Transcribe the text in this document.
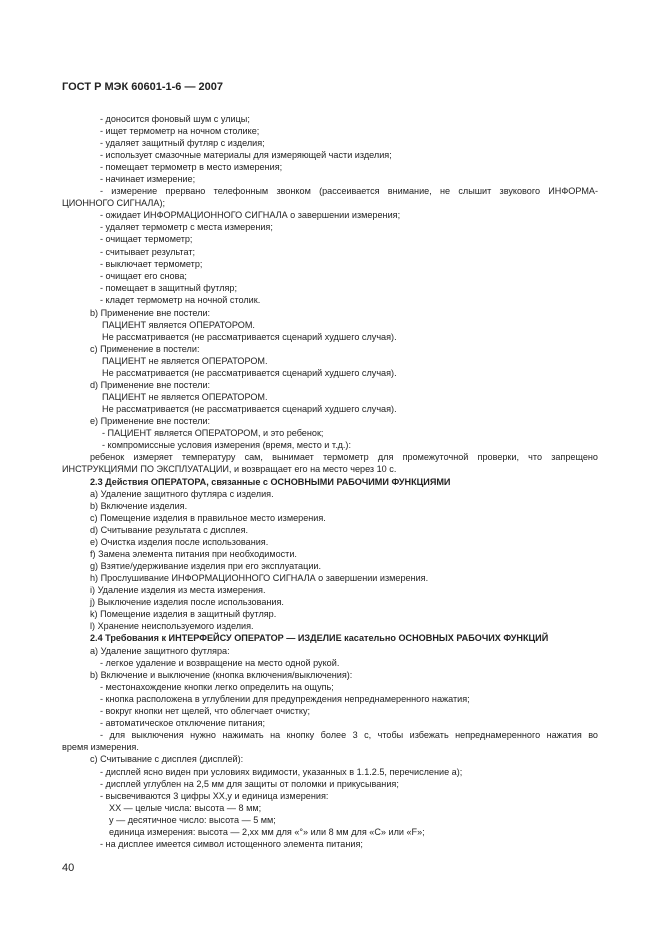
ГОСТ Р МЭК 60601-1-6 — 2007
- доносится фоновый шум с улицы;
- ищет термометр на ночном столике;
- удаляет защитный футляр с изделия;
- использует смазочные материалы для измеряющей части изделия;
- помещает термометр в место измерения;
- начинает измерение;
- измерение прервано телефонным звонком (рассеивается внимание, не слышит звукового ИНФОРМА-
ЦИОННОГО СИГНАЛА);
- ожидает ИНФОРМАЦИОННОГО СИГНАЛА о завершении измерения;
- удаляет термометр с места измерения;
- очищает термометр;
- считывает результат;
- выключает термометр;
- очищает его снова;
- помещает в защитный футляр;
- кладет термометр на ночной столик.
b) Применение вне постели:
ПАЦИЕНТ является ОПЕРАТОРОМ.
Не рассматривается (не рассматривается сценарий худшего случая).
c) Применение в постели:
ПАЦИЕНТ не является ОПЕРАТОРОМ.
Не рассматривается (не рассматривается сценарий худшего случая).
d) Применение вне постели:
ПАЦИЕНТ не является ОПЕРАТОРОМ.
Не рассматривается (не рассматривается сценарий худшего случая).
e) Применение вне постели:
- ПАЦИЕНТ является ОПЕРАТОРОМ, и это ребенок;
- компромиссные условия измерения (время, место и т.д.):
ребенок измеряет температуру сам, вынимает термометр для промежуточной проверки, что запрещено
ИНСТРУКЦИЯМИ ПО ЭКСПЛУАТАЦИИ, и возвращает его на место через 10 с.
2.3 Действия ОПЕРАТОРА, связанные с ОСНОВНЫМИ РАБОЧИМИ ФУНКЦИЯМИ
a) Удаление защитного футляра с изделия.
b) Включение изделия.
c) Помещение изделия в правильное место измерения.
d) Считывание результата с дисплея.
e) Очистка изделия после использования.
f) Замена элемента питания при необходимости.
g) Взятие/удерживание изделия при его эксплуатации.
h) Прослушивание ИНФОРМАЦИОННОГО СИГНАЛА о завершении измерения.
i) Удаление изделия из места измерения.
j) Выключение изделия после использования.
k) Помещение изделия в защитный футляр.
l) Хранение неиспользуемого изделия.
2.4 Требования к ИНТЕРФЕЙСУ ОПЕРАТОР — ИЗДЕЛИЕ касательно ОСНОВНЫХ РАБОЧИХ ФУНКЦИЙ
a) Удаление защитного футляра:
- легкое удаление и возвращение на место одной рукой.
b) Включение и выключение (кнопка включения/выключения):
- местонахождение кнопки легко определить на ощупь;
- кнопка расположена в углублении для предупреждения непреднамеренного нажатия;
- вокруг кнопки нет щелей, что облегчает очистку;
- автоматическое отключение питания;
- для выключения нужно нажимать на кнопку более 3 с, чтобы избежать непреднамеренного нажатия во
время измерения.
c) Считывание с дисплея (дисплей):
- дисплей ясно виден при условиях видимости, указанных в 1.1.2.5, перечисление а);
- дисплей углублен на 2,5 мм для защиты от поломки и прикусывания;
- высвечиваются 3 цифры XX,y и единица измерения:
XX — целые числа: высота — 8 мм;
y — десятичное число: высота — 5 мм;
единица измерения: высота — 2,xx мм для «°» или 8 мм для «C» или «F»;
- на дисплее имеется символ истощенного элемента питания;
40
